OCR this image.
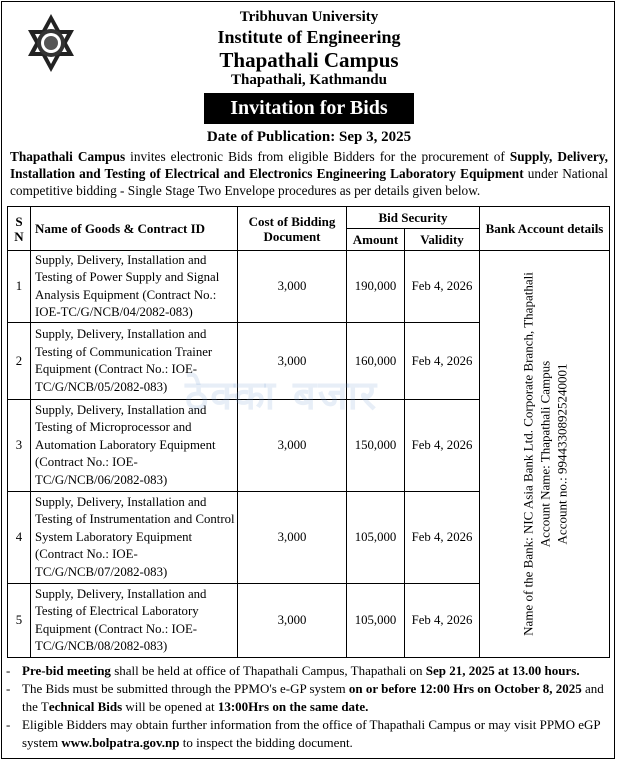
Tribhuvan University
Institute of Engineering
Thapathali Campus
Thapathali, Kathmandu
Invitation for Bids
Date of Publication: Sep 3, 2025
Thapathali Campus invites electronic Bids from eligible Bidders for the procurement of Supply, Delivery, Installation and Testing of Electrical and Electronics Engineering Laboratory Equipment under National competitive bidding - Single Stage Two Envelope procedures as per details given below.
S N	Name of Goods & Contract ID	Cost of Bidding Document	Bid Security		Bank Account details
			Amount	Validity	
1	Supply, Delivery, Installation and Testing of Power Supply and Signal Analysis Equipment (Contract No.: IOE-TC/G/NCB/04/2082-083)	3,000	190,000	Feb 4, 2026	Name of the Bank: NIC Asia Bank Ltd. Corporate Branch, Thapathali Account Name: Thapathali Campus Account no.: 99443308925240001

2	Supply, Delivery, Installation and Testing of Communication Trainer Equipment (Contract No.: IOE-TC/G/NCB/05/2082-083)	3,000	160,000	Feb 4, 2026	
3	Supply, Delivery, Installation and Testing of Microprocessor and Automation Laboratory Equipment (Contract No.: IOE-TC/G/NCB/06/2082-083)	3,000	150,000	Feb 4, 2026	
4	Supply, Delivery, Installation and Testing of Instrumentation and Control System Laboratory Equipment (Contract No.: IOE-TC/G/NCB/07/2082-083)	3,000	105,000	Feb 4, 2026	
5	Supply, Delivery, Installation and Testing of Electrical Laboratory Equipment (Contract No.: IOE-TC/G/NCB/08/2082-083)	3,000	105,000	Feb 4, 2026	
ठेक्का बजार
- Pre-bid meeting shall be held at office of Thapathali Campus, Thapathali on Sep 21, 2025 at 13.00 hours.
- The Bids must be submitted through the PPMO's e-GP system on or before 12:00 Hrs on October 8, 2025 and the Technical Bids will be opened at 13:00Hrs on the same date.
- Eligible Bidders may obtain further information from the office of Thapathali Campus or may visit PPMO eGP system www.bolpatra.gov.np to inspect the bidding document.
